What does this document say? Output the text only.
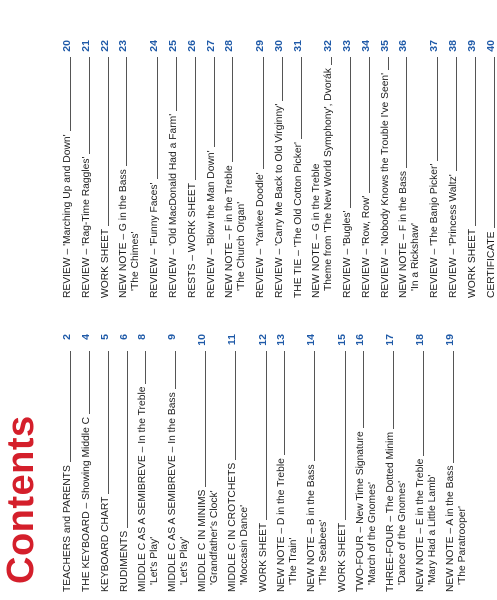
Contents TEACHERS and PARENTS
2
THE KEYBOARD – Showing Middle C
4
KEYBOARD CHART
5
RUDIMENTS
6
MIDDLE C AS A SEMIBREVE – In the Treble
8
'Let's Play' MIDDLE C AS A SEMIBREVE – In the Bass
9
'Let's Play' MIDDLE C IN MINIMS
10
'Grandfather's Clock' MIDDLE C IN CROTCHETS
11
'Moccasin Dance' WORK SHEET
12
NEW NOTE – D in the Treble
13
'The Train' NEW NOTE – B in the Bass
14
'The Seabees' WORK SHEET
15
TWO-FOUR – New Time Signature
16
'March of the Gnomes' THREE-FOUR – The Dotted Minim
17
'Dance of the Gnomes' NEW NOTE – E in the Treble
18
'Mary Had a Little Lamb' NEW NOTE – A in the Bass
19
'The Paratrooper'
REVIEW – 'Marching Up and Down'
20
REVIEW – 'Rag-Time Raggles'
21
WORK SHEET
22
NEW NOTE – G in the Bass
23
'The Chimes' REVIEW – 'Funny Faces'
24
REVIEW – 'Old MacDonald Had a Farm'
25
RESTS – WORK SHEET
26
REVIEW – 'Blow the Man Down'
27
NEW NOTE – F in the Treble
28
'The Church Organ' REVIEW – 'Yankee Doodle'
29
REVIEW – 'Carry Me Back to Old Virginny'
30
THE TIE – 'The Old Cotton Picker'
31
NEW NOTE – G in the Treble Theme from 'The New World Symphony', Dvorák
32
REVIEW – 'Bugles'
33
REVIEW – 'Row, Row'
34
REVIEW – 'Nobody Knows the Trouble I've Seen'
35
NEW NOTE – F in the Bass
36
'In a Rickshaw' REVIEW – 'The Banjo Picker'
37
REVIEW – 'Princess Waltz'
38
WORK SHEET
39
CERTIFICATE
40
